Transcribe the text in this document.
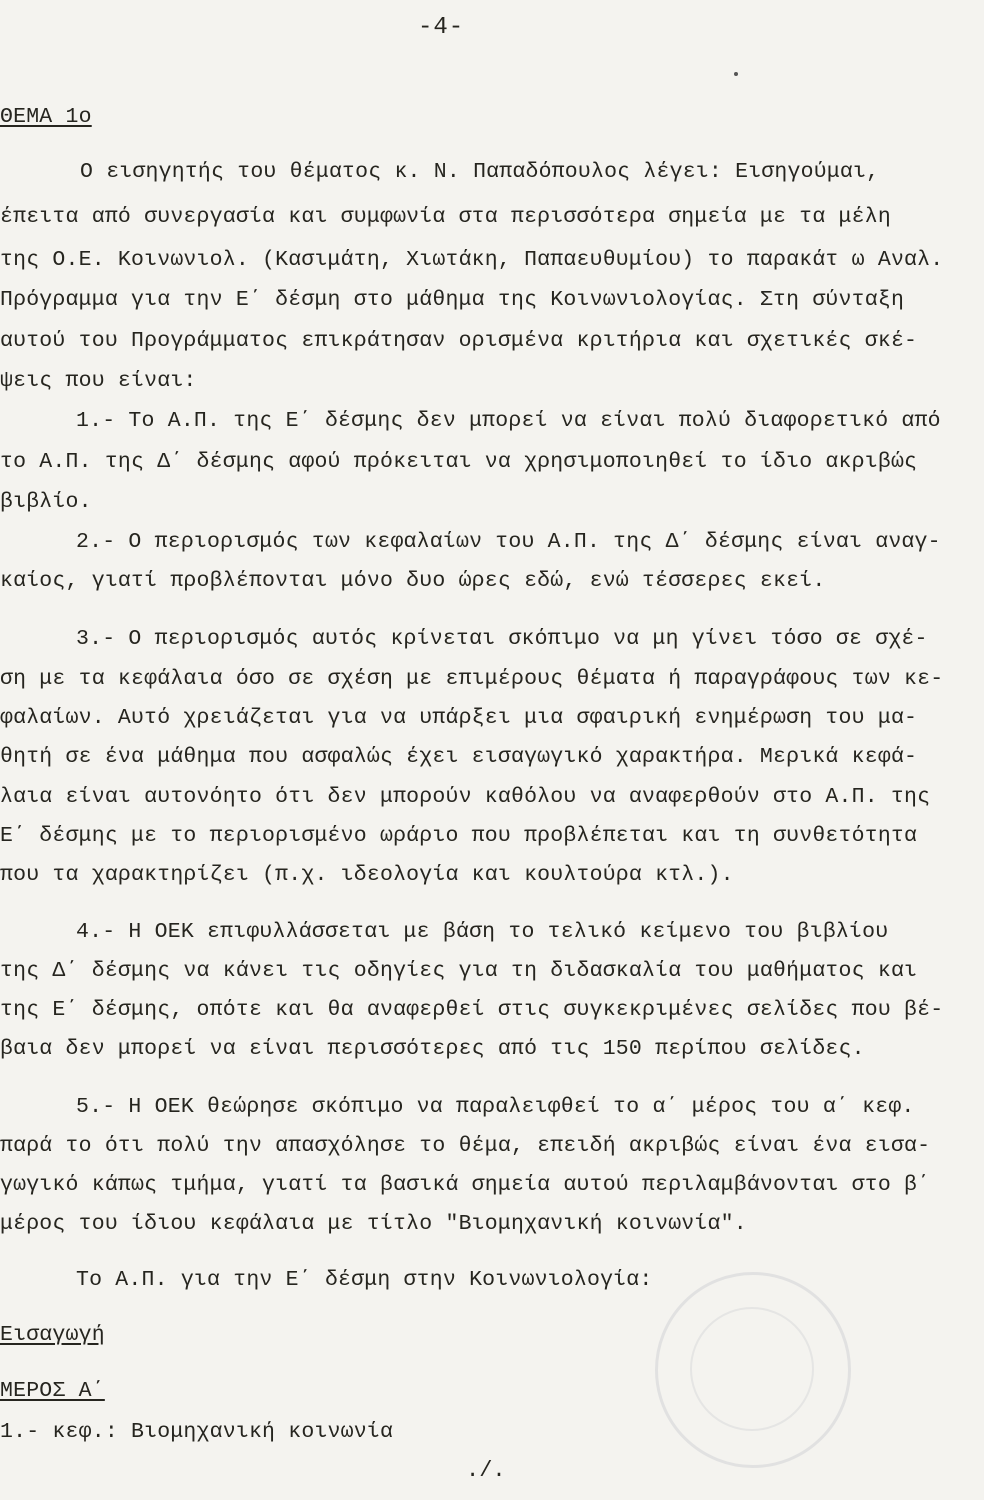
-4-
ΘΕΜΑ 1ο
Ο εισηγητής του θέματος κ. Ν. Παπαδόπουλος λέγει: Εισηγούμαι,
έπειτα από συνεργασία και συμφωνία στα περισσότερα σημεία με τα μέλη
της Ο.Ε. Κοινωνιολ. (Κασιμάτη, Χιωτάκη, Παπαευθυμίου) το παρακάτ ω Αναλ.
Πρόγραμμα για την Ε΄ δέσμη στο μάθημα της Κοινωνιολογίας. Στη σύνταξη
αυτού του Προγράμματος επικράτησαν ορισμένα κριτήρια και σχετικές σκέ-
ψεις που είναι:
1.- Το Α.Π. της Ε΄ δέσμης δεν μπορεί να είναι πολύ διαφορετικό από
το Α.Π. της Δ΄ δέσμης αφού πρόκειται να χρησιμοποιηθεί το ίδιο ακριβώς
βιβλίο.
2.- Ο περιορισμός των κεφαλαίων του Α.Π. της Δ΄ δέσμης είναι αναγ-
καίος, γιατί προβλέπονται μόνο δυο ώρες εδώ, ενώ τέσσερες εκεί.
3.- Ο περιορισμός αυτός κρίνεται σκόπιμο να μη γίνει τόσο σε σχέ-
ση με τα κεφάλαια όσο σε σχέση με επιμέρους θέματα ή παραγράφους των κε-
φαλαίων. Αυτό χρειάζεται για να υπάρξει μια σφαιρική ενημέρωση του μα-
θητή σε ένα μάθημα που ασφαλώς έχει εισαγωγικό χαρακτήρα. Μερικά κεφά-
λαια είναι αυτονόητο ότι δεν μπορούν καθόλου να αναφερθούν στο Α.Π. της
Ε΄ δέσμης με το περιορισμένο ωράριο που προβλέπεται και τη συνθετότητα
που τα χαρακτηρίζει (π.χ. ιδεολογία και κουλτούρα κτλ.).
4.- Η ΟΕΚ επιφυλλάσσεται με βάση το τελικό κείμενο του βιβλίου
της Δ΄ δέσμης να κάνει τις οδηγίες για τη διδασκαλία του μαθήματος και
της Ε΄ δέσμης, οπότε και θα αναφερθεί στις συγκεκριμένες σελίδες που βέ-
βαια δεν μπορεί να είναι περισσότερες από τις 150 περίπου σελίδες.
5.- Η ΟΕΚ θεώρησε σκόπιμο να παραλειφθεί το α΄ μέρος του α΄ κεφ.
παρά το ότι πολύ την απασχόλησε το θέμα, επειδή ακριβώς είναι ένα εισα-
γωγικό κάπως τμήμα, γιατί τα βασικά σημεία αυτού περιλαμβάνονται στο β΄
μέρος του ίδιου κεφάλαια με τίτλο "Βιομηχανική κοινωνία".
Το Α.Π. για την Ε΄ δέσμη στην Κοινωνιολογία:
Εισαγωγή
ΜΕΡΟΣ Α΄
1.- κεφ.: Βιομηχανική κοινωνία
./.
